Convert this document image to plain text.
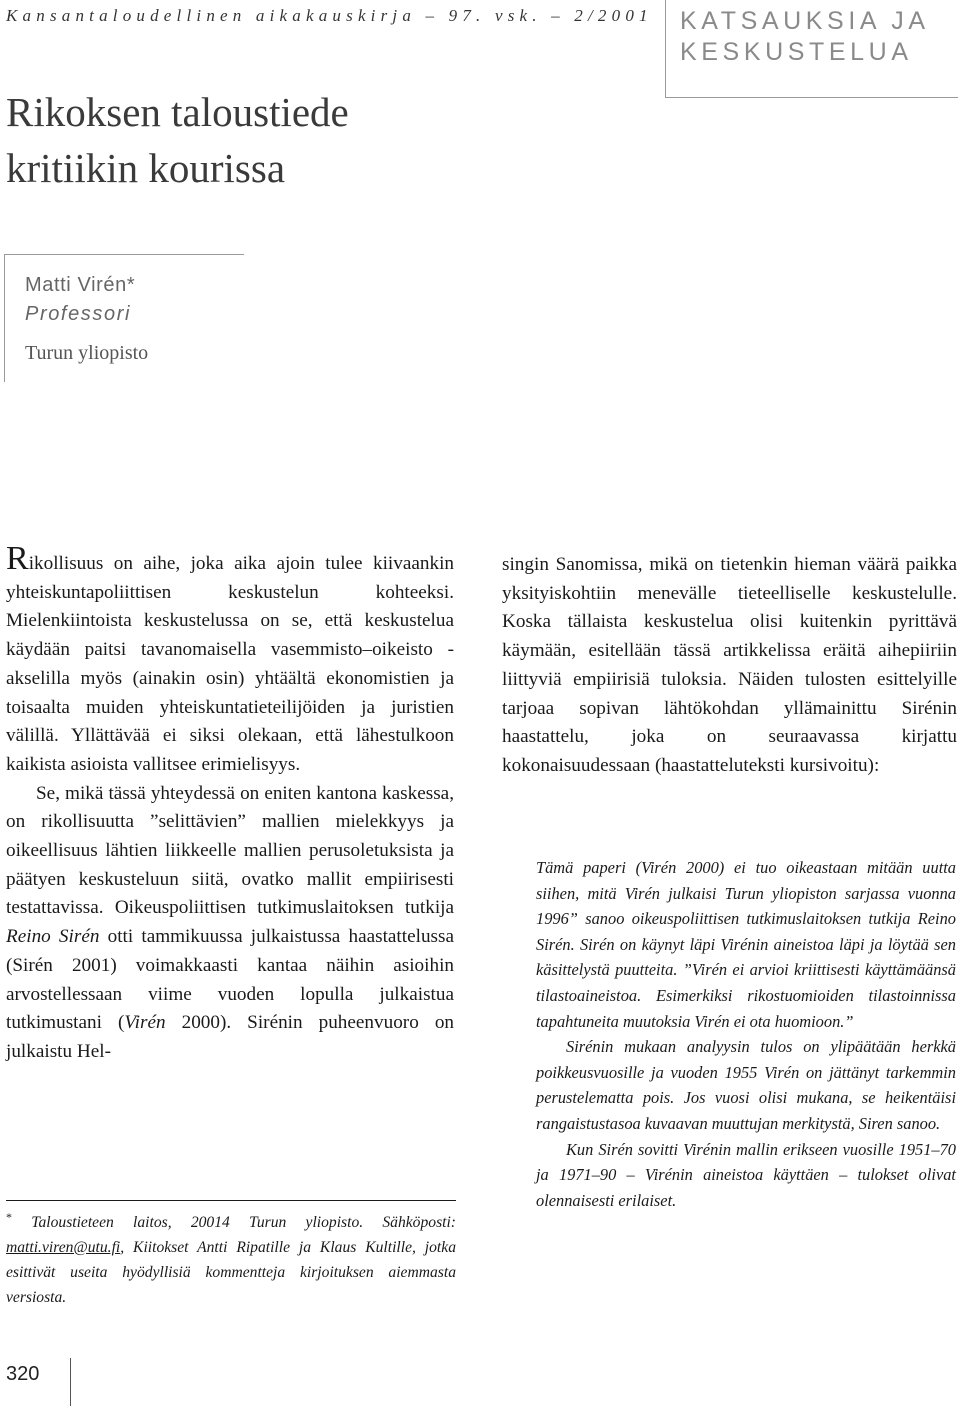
Kansantaloudellinen aikakauskirja – 97. vsk. – 2/2001 KATSAUKSIA JA
KESKUSTELUA
Rikoksen taloustiede
kritiikin kourissa
Matti Virén*
Professori
Turun yliopisto

Rikollisuus on aihe, joka aika ajoin tulee kiivaankin yhteiskuntapoliittisen keskustelun kohteeksi. Mielenkiintoista keskustelussa on se, että keskustelua käydään paitsi tavanomaisella vasemmisto–oikeisto -akselilla myös (ainakin osin) yhtäältä ekonomistien ja toisaalta muiden yhteiskuntatieteilijöiden ja juristien välillä. Yllättävää ei siksi olekaan, että lähestulkoon kaikista asioista vallitsee erimielisyys.

Se, mikä tässä yhteydessä on eniten kantona kaskessa, on rikollisuutta ”selittävien” mallien mielekkyys ja oikeellisuus lähtien liikkeelle mallien perusoletuksista ja päätyen keskusteluun siitä, ovatko mallit empiirisesti testattavissa. Oikeuspoliittisen tutkimuslaitoksen tutkija Reino Sirén otti tammikuussa julkaistussa haastattelussa (Sirén 2001) voimakkaasti kantaa näihin asioihin arvostellessaan viime vuoden lopulla julkaistua tutkimustani (Virén 2000). Sirénin puheenvuoro on julkaistu Hel-

* Taloustieteen laitos, 20014 Turun yliopisto. Sähköposti: matti.viren@utu.fi, Kiitokset Antti Ripatille ja Klaus Kultille, jotka esittivät useita hyödyllisiä kommentteja kirjoituksen aiemmasta versiosta.

singin Sanomissa, mikä on tietenkin hieman väärä paikka yksityiskohtiin menevälle tieteelliselle keskustelulle. Koska tällaista keskustelua olisi kuitenkin pyrittävä käymään, esitellään tässä artikkelissa eräitä aihepiiriin liittyviä empiirisiä tuloksia. Näiden tulosten esittelyille tarjoaa sopivan lähtökohdan yllämainittu Sirénin haastattelu, joka on seuraavassa kirjattu kokonaisuudessaan (haastatteluteksti kursivoitu):

Tämä paperi (Virén 2000) ei tuo oikeastaan mitään uutta siihen, mitä Virén julkaisi Turun yliopiston sarjassa vuonna 1996” sanoo oikeuspoliittisen tutkimuslaitoksen tutkija Reino Sirén. Sirén on käynyt läpi Virénin aineistoa läpi ja löytää sen käsittelystä puutteita. ”Virén ei arvioi kriittisesti käyttämäänsä tilastoaineistoa. Esimerkiksi rikostuomioiden tilastoinnissa tapahtuneita muutoksia Virén ei ota huomioon.”

Sirénin mukaan analyysin tulos on ylipäätään herkkä poikkeusvuosille ja vuoden 1955 Virén on jättänyt tarkemmin perustelematta pois. Jos vuosi olisi mukana, se heikentäisi rangaistustasoa kuvaavan muuttujan merkitystä, Siren sanoo.

Kun Sirén sovitti Virénin mallin erikseen vuosille 1951–70 ja 1971–90 – Virénin aineistoa käyttäen – tulokset olivat olennaisesti erilaiset.

320
